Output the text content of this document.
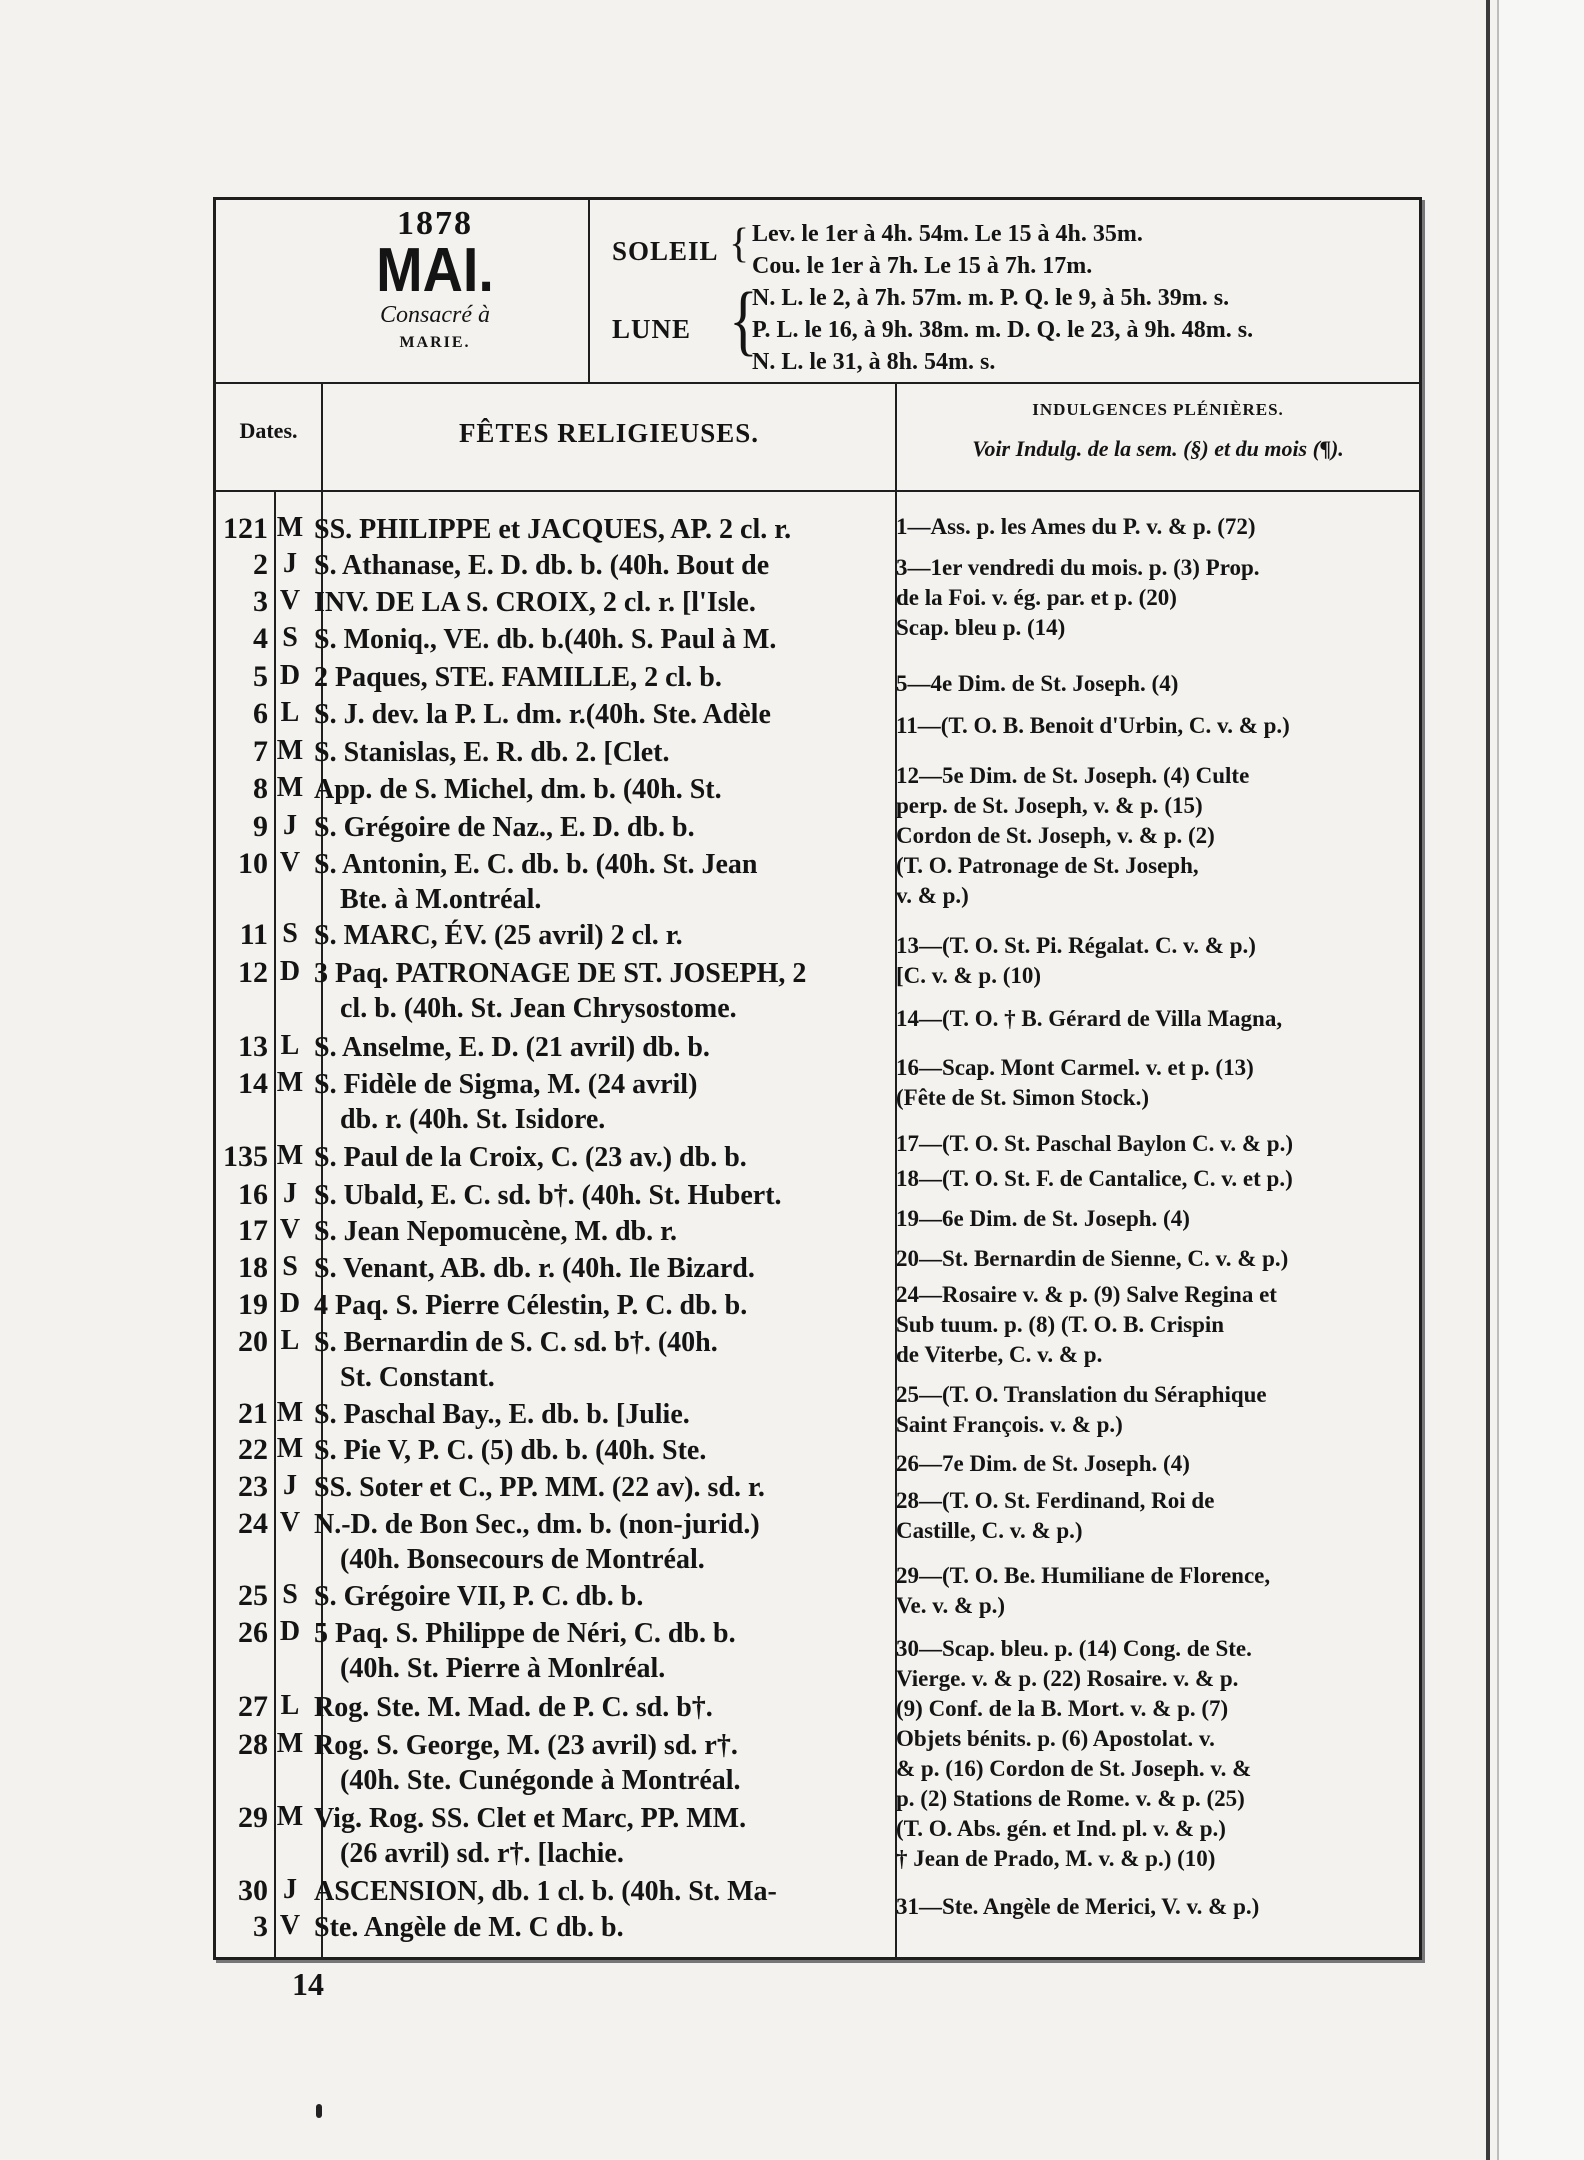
1878
MAI.
Consacré à
MARIE.
SOLEIL { Lev. le 1er à 4h. 54m. Le 15 à 4h. 35m.
Cou. le 1er à 7h. Le 15 à 7h. 17m.
LUNE {
N. L. le 2, à 7h. 57m. m. P. Q. le 9, à 5h. 39m. s.
P. L. le 16, à 9h. 38m. m. D. Q. le 23, à 9h. 48m. s.
N. L. le 31, à 8h. 54m. s.
Dates.	FÊTES RELIGIEUSES.
INDULGENCES PLÉNIÈRES.
Voir Indulg. de la sem. (§) et du mois (¶).
121 M SS. PHILIPPE et JACQUES, AP. 2 cl. r.
2 J S. Athanase, E. D. db. b. (40h. Bout de
3 V INV. DE LA S. CROIX, 2 cl. r. [l'Isle.
4 S S. Moniq., VE. db. b.(40h. S. Paul à M.
5 D 2 Paques, STE. FAMILLE, 2 cl. b.
6 L S. J. dev. la P. L. dm. r.(40h. Ste. Adèle
7 M S. Stanislas, E. R. db. 2. [Clet.
8 M App. de S. Michel, dm. b. (40h. St.
9 J S. Grégoire de Naz., E. D. db. b.
10 V S. Antonin, E. C. db. b. (40h. St. Jean
Bte. à M.ontréal.
11 S S. MARC, ÉV. (25 avril) 2 cl. r.
12 D 3 Paq. PATRONAGE DE ST. JOSEPH, 2
cl. b. (40h. St. Jean Chrysostome.
13 L S. Anselme, E. D. (21 avril) db. b.
14 M S. Fidèle de Sigma, M. (24 avril)
db. r. (40h. St. Isidore.
135 M S. Paul de la Croix, C. (23 av.) db. b.
16 J S. Ubald, E. C. sd. b†. (40h. St. Hubert.
17 V S. Jean Nepomucène, M. db. r.
18 S S. Venant, AB. db. r. (40h. Ile Bizard.
19 D 4 Paq. S. Pierre Célestin, P. C. db. b.
20 L S. Bernardin de S. C. sd. b†. (40h.
St. Constant.
21 M S. Paschal Bay., E. db. b. [Julie.
22 M S. Pie V, P. C. (5) db. b. (40h. Ste.
23 J SS. Soter et C., PP. MM. (22 av). sd. r.
24 V N.-D. de Bon Sec., dm. b. (non-jurid.)
(40h. Bonsecours de Montréal.
25 S S. Grégoire VII, P. C. db. b.
26 D 5 Paq. S. Philippe de Néri, C. db. b.
(40h. St. Pierre à Monlréal.
27 L Rog. Ste. M. Mad. de P. C. sd. b†.
28 M Rog. S. George, M. (23 avril) sd. r†.
(40h. Ste. Cunégonde à Montréal.
29 M Vig. Rog. SS. Clet et Marc, PP. MM.
(26 avril) sd. r†. [lachie.
30 J ASCENSION, db. 1 cl. b. (40h. St. Ma-
3 V Ste. Angèle de M. C db. b.
1—Ass. p. les Ames du P. v. & p. (72)
3—1er vendredi du mois. p. (3) Prop.
de la Foi. v. ég. par. et p. (20)
Scap. bleu p. (14)
5—4e Dim. de St. Joseph. (4)
11—(T. O. B. Benoit d'Urbin, C. v. & p.)
12—5e Dim. de St. Joseph. (4) Culte
perp. de St. Joseph, v. & p. (15)
Cordon de St. Joseph, v. & p. (2)
(T. O. Patronage de St. Joseph,
v. & p.)
13—(T. O. St. Pi. Régalat. C. v. & p.)
[C. v. & p. (10)
14—(T. O. † B. Gérard de Villa Magna,
16—Scap. Mont Carmel. v. et p. (13)
(Fête de St. Simon Stock.)
17—(T. O. St. Paschal Baylon C. v. & p.)
18—(T. O. St. F. de Cantalice, C. v. et p.)
19—6e Dim. de St. Joseph. (4)
20—St. Bernardin de Sienne, C. v. & p.)
24—Rosaire v. & p. (9) Salve Regina et
Sub tuum. p. (8) (T. O. B. Crispin
de Viterbe, C. v. & p.
25—(T. O. Translation du Séraphique
Saint François. v. & p.)
26—7e Dim. de St. Joseph. (4)
28—(T. O. St. Ferdinand, Roi de
Castille, C. v. & p.)
29—(T. O. Be. Humiliane de Florence,
Ve. v. & p.)
30—Scap. bleu. p. (14) Cong. de Ste.
Vierge. v. & p. (22) Rosaire. v. & p.
(9) Conf. de la B. Mort. v. & p. (7)
Objets bénits. p. (6) Apostolat. v.
& p. (16) Cordon de St. Joseph. v. &
p. (2) Stations de Rome. v. & p. (25)
(T. O. Abs. gén. et Ind. pl. v. & p.)
† Jean de Prado, M. v. & p.) (10)
31—Ste. Angèle de Merici, V. v. & p.)
14
